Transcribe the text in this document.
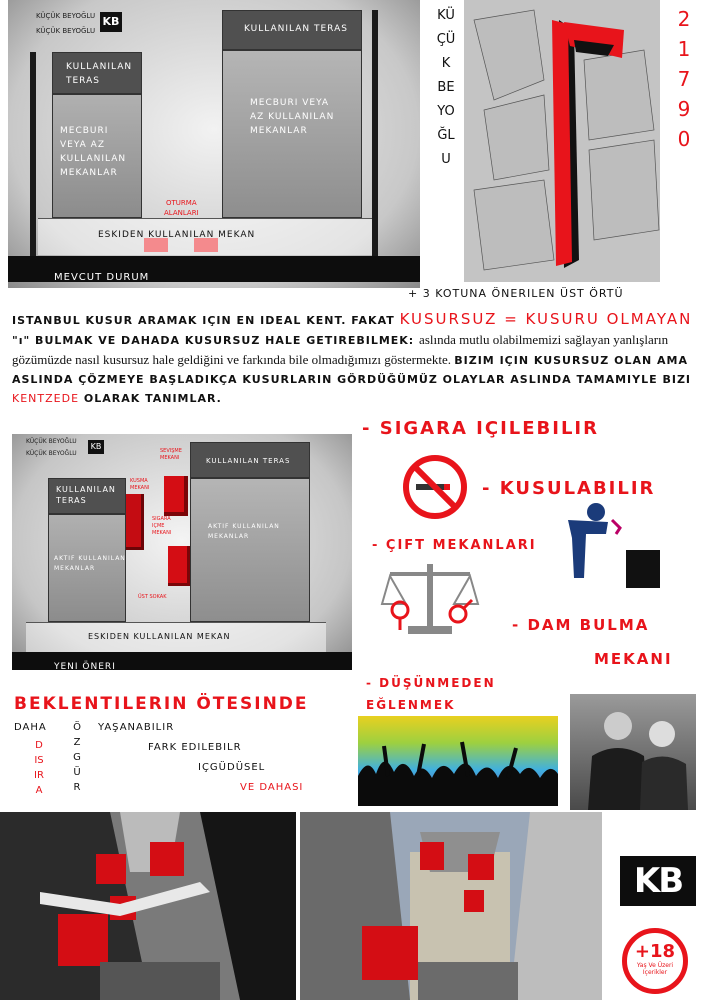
KÜÇÜK BEYOĞLU
KÜÇÜK BEYOĞLU
KB
KULLANILAN
TERAS
MECBURI
VEYA AZ
KULLANILAN
MEKANLAR
KULLANILAN TERAS
MECBURI VEYA
AZ KULLANILAN
MEKANLAR
OTURMA
ALANLARI
ESKIDEN KULLANILAN MEKAN
MEVCUT DURUM
KÜÇÜK BEYOĞLU
21790
+ 3 KOTUNA ÖNERILEN ÜST ÖRTÜ
ISTANBUL KUSUR ARAMAK IÇIN EN IDEAL KENT. FAKAT KUSURSUZ = KUSURU OLMAYAN "ı" BULMAK VE DAHADA KUSURSUZ HALE GETIREBILMEK: aslında mutlu olabilmemizi sağlayan yanlışların gözümüzde nasıl kusursuz hale geldiğini ve farkında bile olmadığımızı göstermekte. BIZIM IÇIN KUSURSUZ OLAN AMA ASLINDA ÇÖZMEYE BAŞLADIKÇA KUSURLARIN GÖRDÜĞÜMÜZ OLAYLAR ASLINDA TAMAMIYLE BIZI KENTZEDE OLARAK TANIMLAR.
KÜÇÜK BEYOĞLU
KÜÇÜK BEYOĞLU
KB
KULLANILAN
TERAS
AKTIF KULLANILAN
MEKANLAR
KULLANILAN TERAS
AKTIF KULLANILAN
MEKANLAR
SEVIŞME
MEKANI
KUSMA
MEKANI
SIGARA
IÇME
MEKANI
ÜST SOKAK
ESKIDEN KULLANILAN MEKAN
YENI ÖNERI
- SIGARA IÇILEBILIR
- KUSULABILIR
- ÇIFT MEKANLARI
- DAM BULMA
MEKANI
- DÜŞÜNMEDEN
EĞLENMEK
BEKLENTILERIN ÖTESINDE
DAHA
DISIRA
ÖZGÜR
YAŞANABILIR
FARK EDILEBILR
IÇGÜDÜSEL
VE DAHASI
KB
+18
Yaş Ve Üzeri Içerikler
